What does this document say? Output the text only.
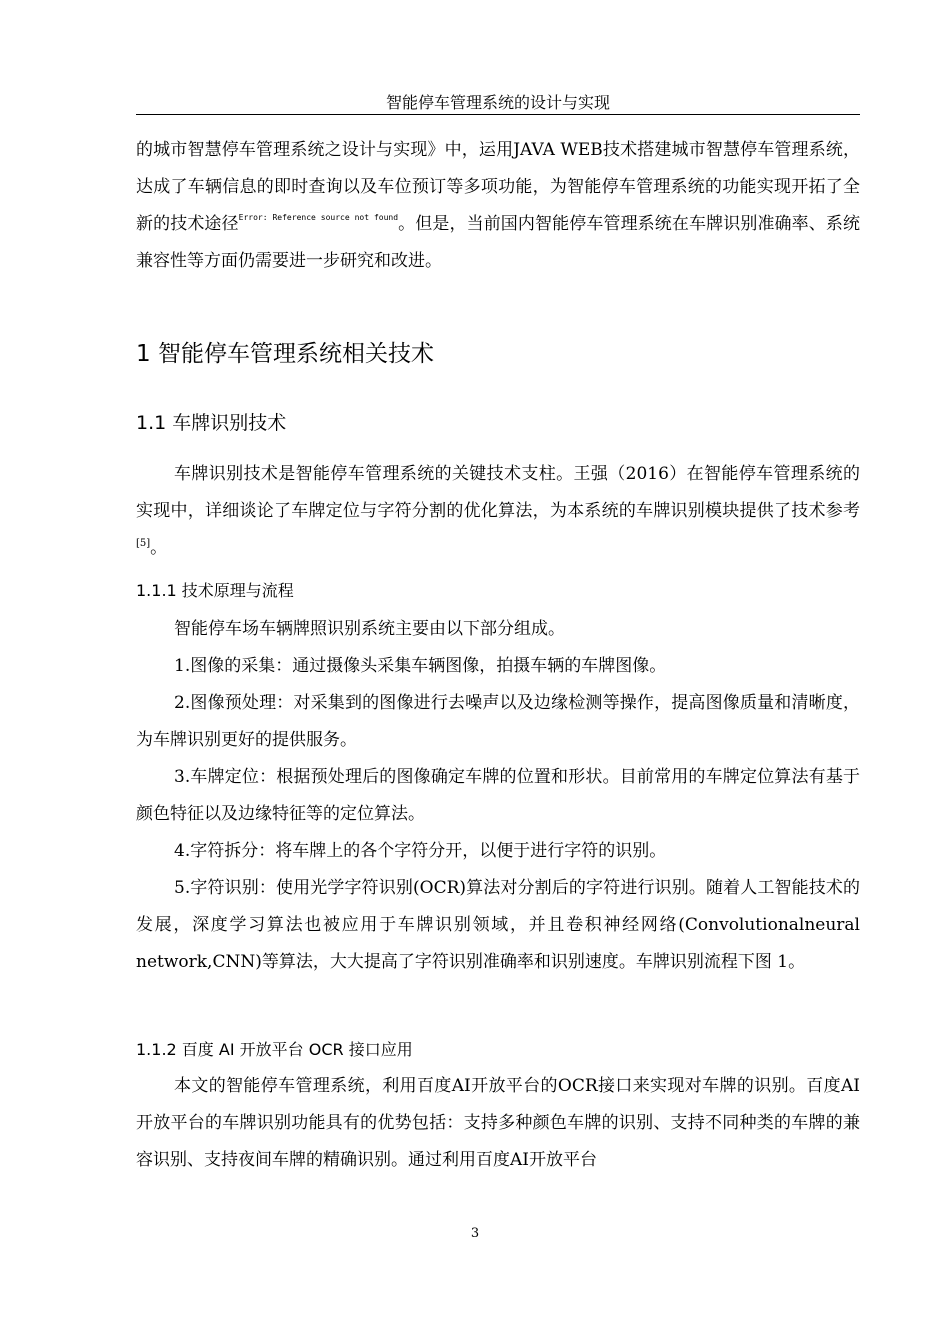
智能停车管理系统的设计与实现

的城市智慧停车管理系统之设计与实现》中，运用JAVA WEB技术搭建城市智慧停车管理系统，达成了车辆信息的即时查询以及车位预订等多项功能，为智能停车管理系统的功能实现开拓了全新的技术途径$^{Error: Reference source not found}$。但是，当前国内智能停车管理系统在车牌识别准确率、系统兼容性等方面仍需要进一步研究和改进。

1 智能停车管理系统相关技术
1.1 车牌识别技术

车牌识别技术是智能停车管理系统的关键技术支柱。王强（2016）在智能停车管理系统的实现中，详细谈论了车牌定位与字符分割的优化算法，为本系统的车牌识别模块提供了技术参考[5]。

1.1.1 技术原理与流程

智能停车场车辆牌照识别系统主要由以下部分组成。

1.图像的采集：通过摄像头采集车辆图像，拍摄车辆的车牌图像。

2.图像预处理：对采集到的图像进行去噪声以及边缘检测等操作，提高图像质量和清晰度，为车牌识别更好的提供服务。

3.车牌定位：根据预处理后的图像确定车牌的位置和形状。目前常用的车牌定位算法有基于颜色特征以及边缘特征等的定位算法。

4.字符拆分：将车牌上的各个字符分开，以便于进行字符的识别。

5.字符识别：使用光学字符识别(OCR)算法对分割后的字符进行识别。随着人工智能技术的发展，深度学习算法也被应用于车牌识别领域，并且卷积神经网络(Convolutionalneural network,CNN)等算法，大大提高了字符识别准确率和识别速度。车牌识别流程下图 1。

1.1.2 百度 AI 开放平台 OCR 接口应用

本文的智能停车管理系统，利用百度AI开放平台的OCR接口来实现对车牌的识别。百度AI开放平台的车牌识别功能具有的优势包括：支持多种颜色车牌的识别、支持不同种类的车牌的兼容识别、支持夜间车牌的精确识别。通过利用百度AI开放平台

3
